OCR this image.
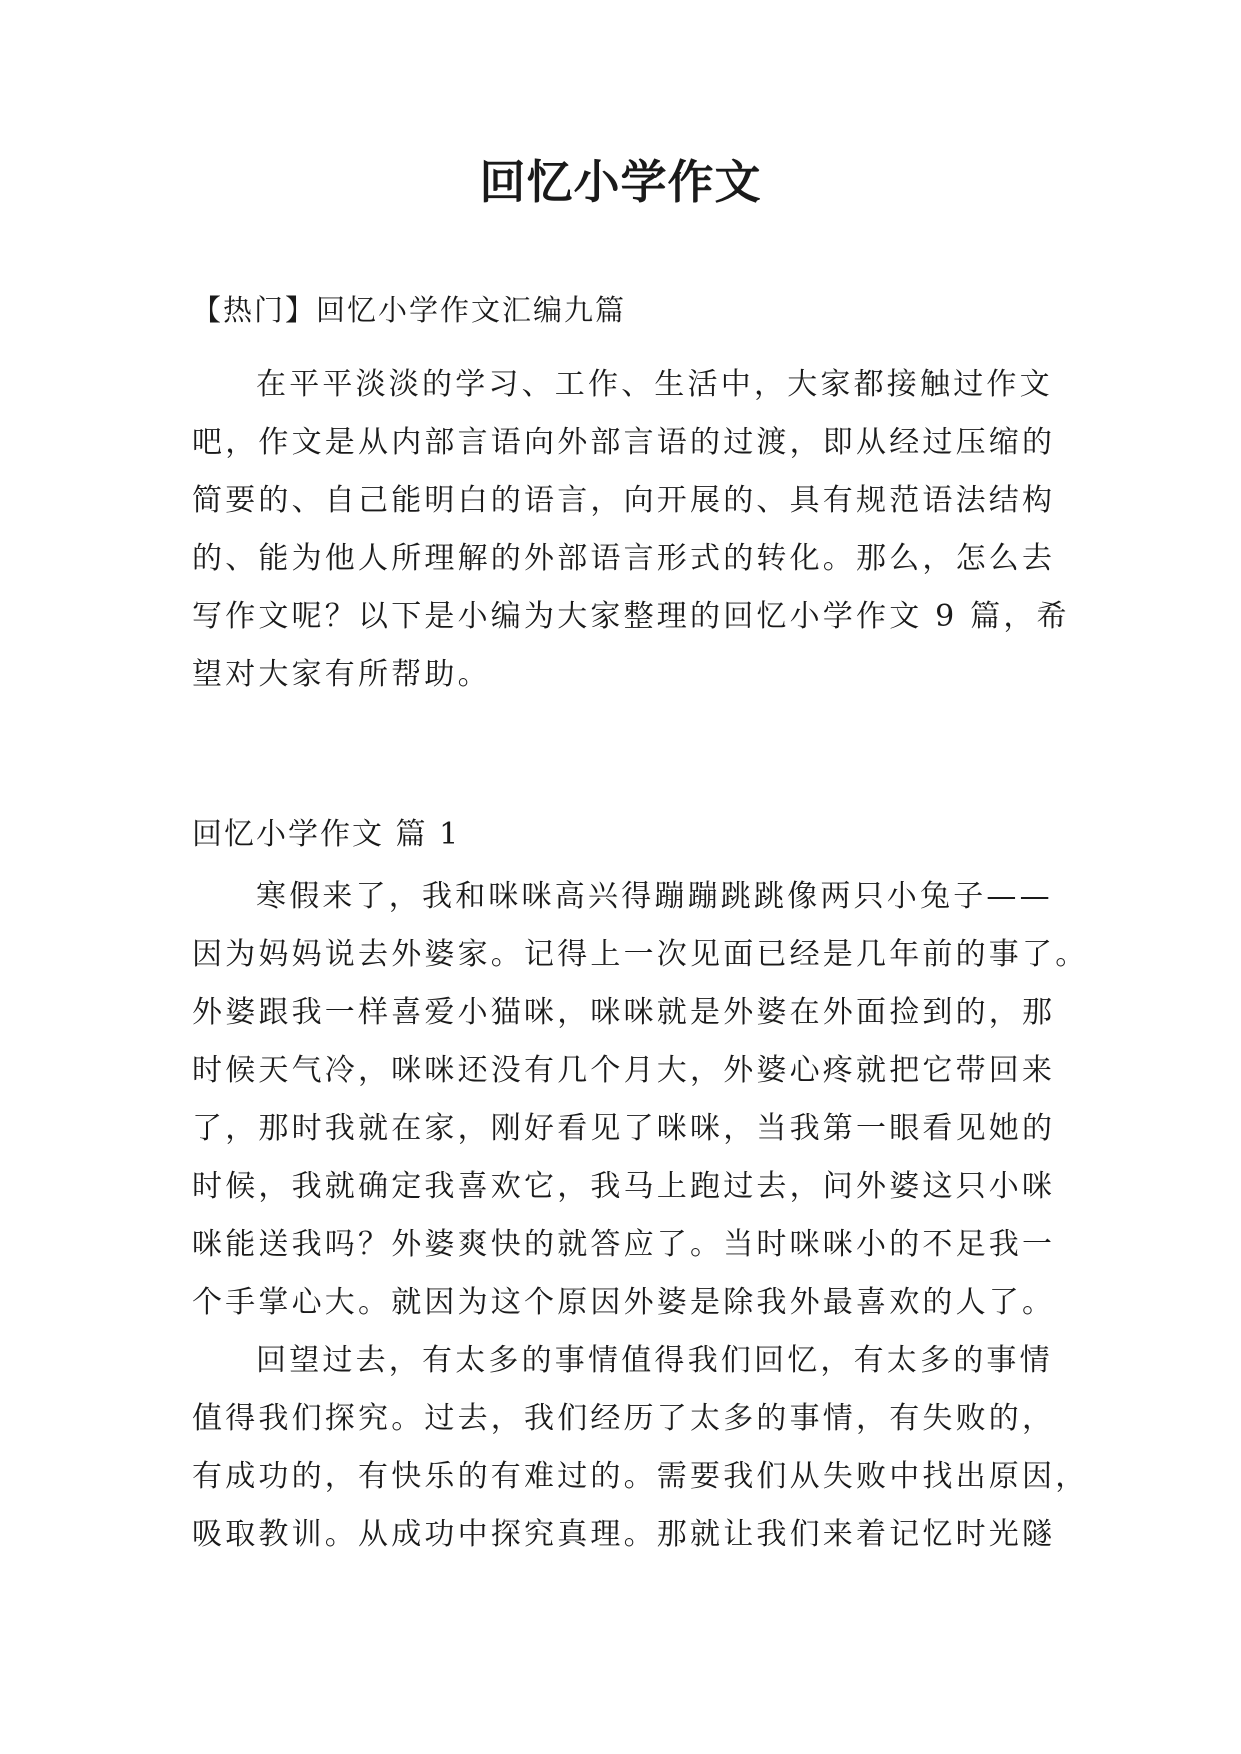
回忆小学作文
【热门】回忆小学作文汇编九篇
在平平淡淡的学习、工作、生活中，大家都接触过作文
吧，作文是从内部言语向外部言语的过渡，即从经过压缩的
简要的、自己能明白的语言，向开展的、具有规范语法结构
的、能为他人所理解的外部语言形式的转化。那么，怎么去
写作文呢？以下是小编为大家整理的回忆小学作文 9 篇，希
望对大家有所帮助。
回忆小学作文 篇 1
寒假来了，我和咪咪高兴得蹦蹦跳跳像两只小兔子——
因为妈妈说去外婆家。记得上一次见面已经是几年前的事了。
外婆跟我一样喜爱小猫咪，咪咪就是外婆在外面捡到的，那
时候天气冷，咪咪还没有几个月大，外婆心疼就把它带回来
了，那时我就在家，刚好看见了咪咪，当我第一眼看见她的
时候，我就确定我喜欢它，我马上跑过去，问外婆这只小咪
咪能送我吗？外婆爽快的就答应了。当时咪咪小的不足我一
个手掌心大。就因为这个原因外婆是除我外最喜欢的人了。
回望过去，有太多的事情值得我们回忆，有太多的事情
值得我们探究。过去，我们经历了太多的事情，有失败的，
有成功的，有快乐的有难过的。需要我们从失败中找出原因，
吸取教训。从成功中探究真理。那就让我们来着记忆时光隧
